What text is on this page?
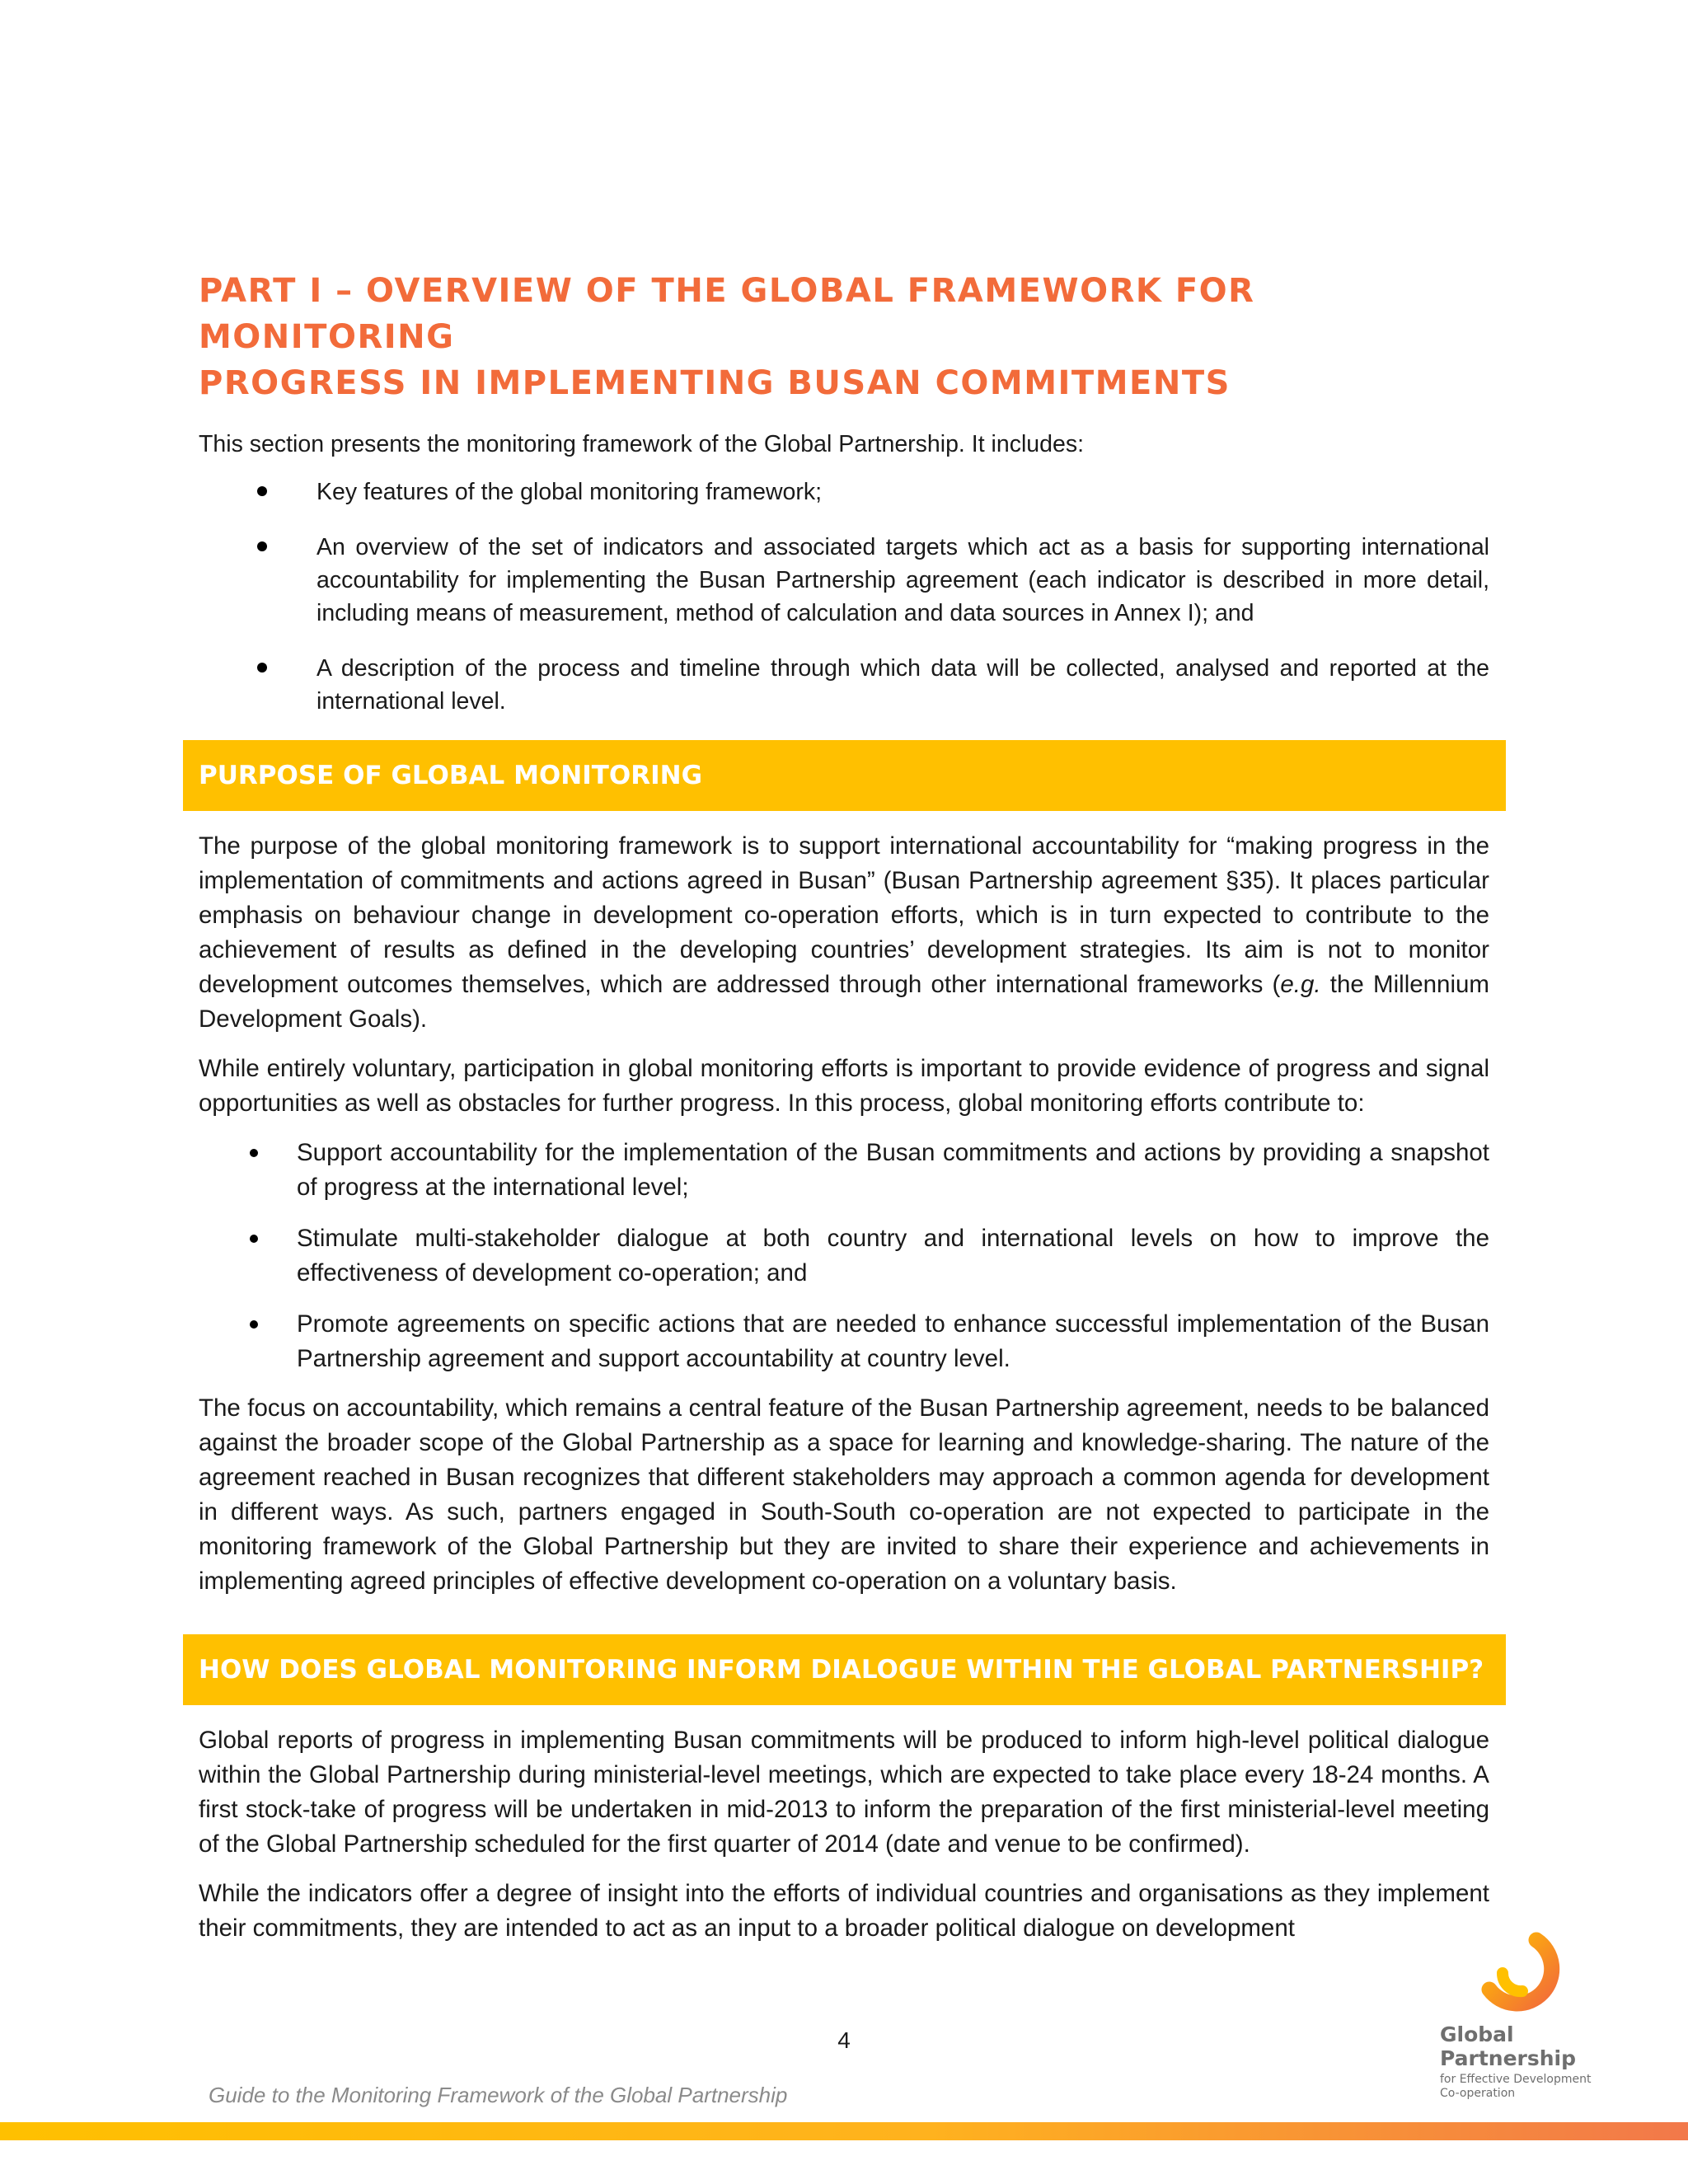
PART I – OVERVIEW OF THE GLOBAL FRAMEWORK FOR MONITORING
PROGRESS IN IMPLEMENTING BUSAN COMMITMENTS

This section presents the monitoring framework of the Global Partnership. It includes:

Key features of the global monitoring framework;
An overview of the set of indicators and associated targets which act as a basis for supporting international accountability for implementing the Busan Partnership agreement (each indicator is described in more detail, including means of measurement, method of calculation and data sources in Annex I); and
A description of the process and timeline through which data will be collected, analysed and reported at the international level.
PURPOSE OF GLOBAL MONITORING

The purpose of the global monitoring framework is to support international accountability for “making progress in the implementation of commitments and actions agreed in Busan” (Busan Partnership agreement §35). It places particular emphasis on behaviour change in development co-operation efforts, which is in turn expected to contribute to the achievement of results as defined in the developing countries’ development strategies. Its aim is not to monitor development outcomes themselves, which are addressed through other international frameworks (e.g. the Millennium Development Goals).

While entirely voluntary, participation in global monitoring efforts is important to provide evidence of progress and signal opportunities as well as obstacles for further progress. In this process, global monitoring efforts contribute to:

Support accountability for the implementation of the Busan commitments and actions by providing a snapshot of progress at the international level;
Stimulate multi-stakeholder dialogue at both country and international levels on how to improve the effectiveness of development co-operation; and
Promote agreements on specific actions that are needed to enhance successful implementation of the Busan Partnership agreement and support accountability at country level.

The focus on accountability, which remains a central feature of the Busan Partnership agreement, needs to be balanced against the broader scope of the Global Partnership as a space for learning and knowledge-sharing. The nature of the agreement reached in Busan recognizes that different stakeholders may approach a common agenda for development in different ways. As such, partners engaged in South-South co-operation are not expected to participate in the monitoring framework of the Global Partnership but they are invited to share their experience and achievements in implementing agreed principles of effective development co-operation on a voluntary basis.

HOW DOES GLOBAL MONITORING INFORM DIALOGUE WITHIN THE GLOBAL PARTNERSHIP?

Global reports of progress in implementing Busan commitments will be produced to inform high-level political dialogue within the Global Partnership during ministerial-level meetings, which are expected to take place every 18-24 months. A first stock-take of progress will be undertaken in mid-2013 to inform the preparation of the first ministerial-level meeting of the Global Partnership scheduled for the first quarter of 2014 (date and venue to be confirmed).

While the indicators offer a degree of insight into the efforts of individual countries and organisations as they implement their commitments, they are intended to act as an input to a broader political dialogue on development

4
Guide to the Monitoring Framework of the Global Partnership
Global
Partnership
for Effective Development
Co-operation
